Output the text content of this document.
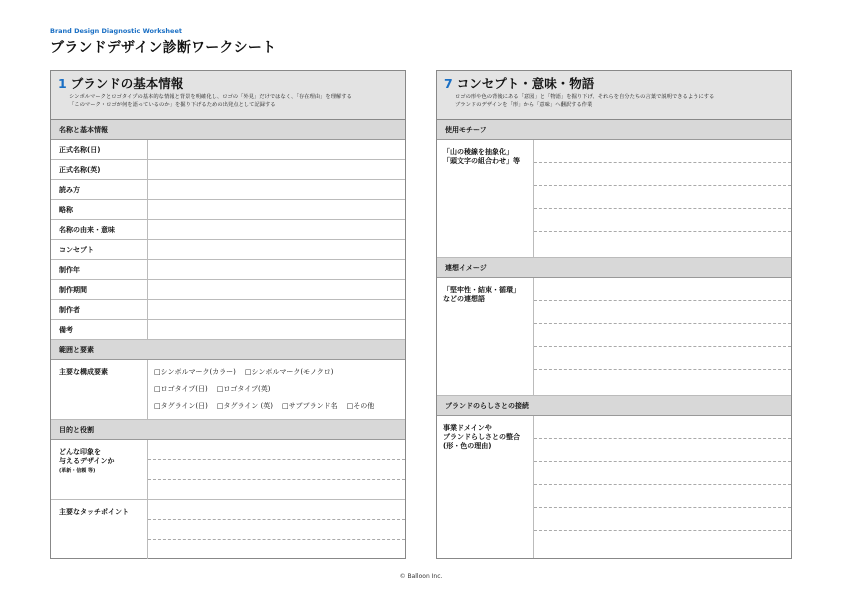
Brand Design Diagnostic Worksheet
ブランドデザイン診断ワークシート
1 ブランドの基本情報
シンボルマークとロゴタイプの基本的な情報と背景を明確化し、ロゴの「外見」だけではなく、「存在理由」を理解する
「このマーク・ロゴが何を語っているのか」を掘り下げるための出発点として記録する
名称と基本情報
正式名称(日)
正式名称(英)
読み方
略称
名称の由来・意味
コンセプト
制作年
制作期間
制作者
備考
範囲と要素
主要な構成要素	□シンボルマーク(カラー) □シンボルマーク(モノクロ)
□ロゴタイプ(日) □ロゴタイプ(英)
□タグライン(日) □タグライン (英) □サブブランド名 □その他
目的と役割
どんな印象を
与えるデザインか
(革新・信頼 等)
主要なタッチポイント
7 コンセプト・意味・物語
ロゴの形や色の背後にある「意図」と「物語」を掘り下げ、それらを自分たちの言葉で説明できるようにする
ブランドのデザインを「形」から「意味」へ翻訳する作業
使用モチーフ
「山の稜線を抽象化」
「頭文字の組合わせ」等
連想イメージ
「堅牢性・結束・循環」
などの連想語
ブランドのらしさとの接続
事業ドメインや
ブランドらしさとの整合
(形・色の理由)
© Balloon Inc.
